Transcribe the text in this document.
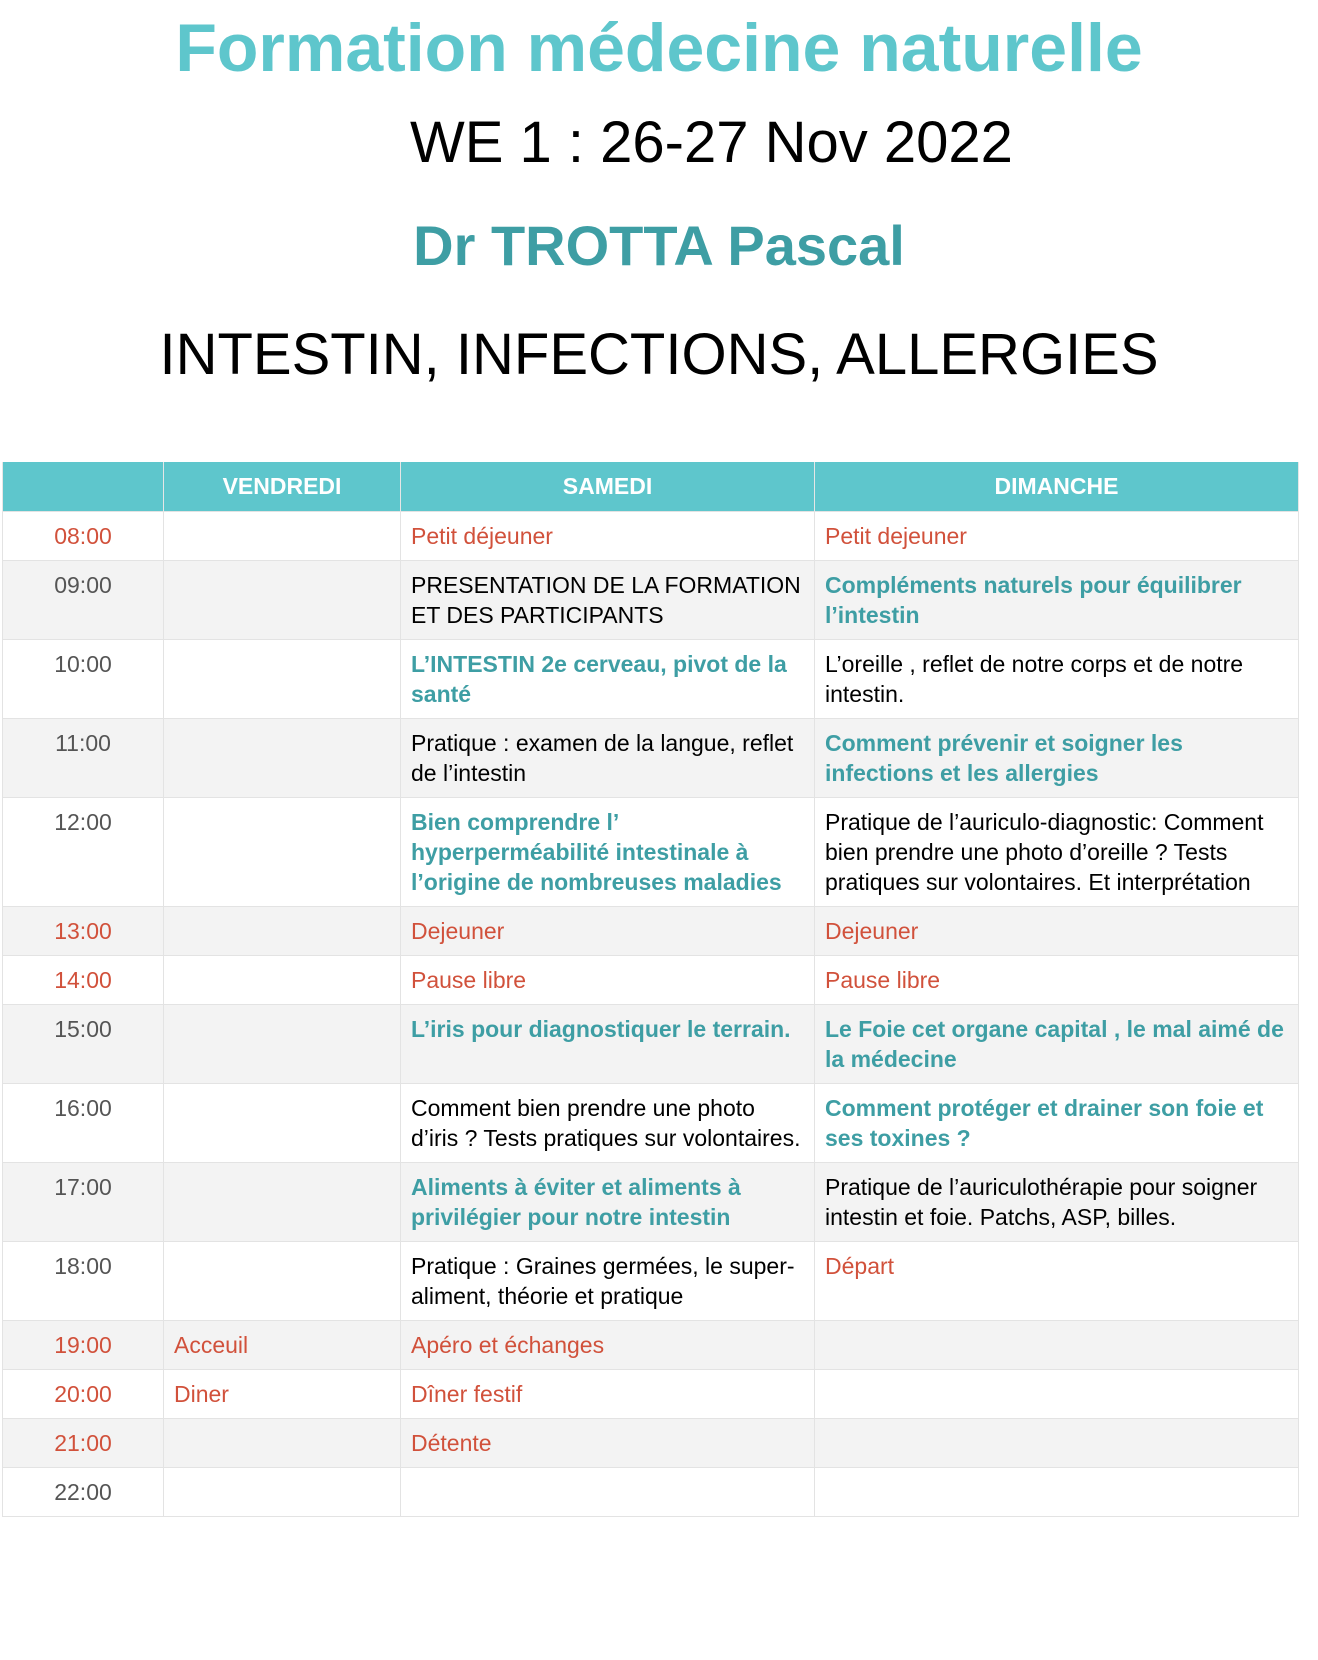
Formation médecine naturelle
WE 1 : 26-27 Nov 2022
Dr TROTTA Pascal
INTESTIN, INFECTIONS, ALLERGIES
	VENDREDI	SAMEDI	DIMANCHE
08:00		Petit déjeuner	Petit dejeuner
09:00		PRESENTATION DE LA FORMATION ET DES PARTICIPANTS	Compléments naturels pour équilibrer l’intestin
10:00		L’INTESTIN 2e cerveau, pivot de la santé	L’oreille , reflet de notre corps et de notre intestin.
11:00		Pratique : examen de la langue, reflet de l’intestin	Comment prévenir et soigner les infections et les allergies
12:00		Bien comprendre l’ hyperperméabilité intestinale à l’origine de nombreuses maladies	Pratique de l’auriculo-diagnostic: Comment bien prendre une photo d’oreille ? Tests pratiques sur volontaires. Et interprétation
13:00		Dejeuner	Dejeuner
14:00		Pause libre	Pause libre
15:00		L’iris pour diagnostiquer le terrain.	Le Foie cet organe capital , le mal aimé de la médecine
16:00		Comment bien prendre une photo d’iris ? Tests pratiques sur volontaires.	Comment protéger et drainer son foie et ses toxines ?
17:00		Aliments à éviter et aliments à privilégier pour notre intestin	Pratique de l’auriculothérapie pour soigner intestin et foie. Patchs, ASP, billes.
18:00		Pratique : Graines germées, le super-aliment, théorie et pratique	Départ
19:00	Acceuil	Apéro et échanges	
20:00	Diner	Dîner festif	
21:00		Détente	
22:00			
